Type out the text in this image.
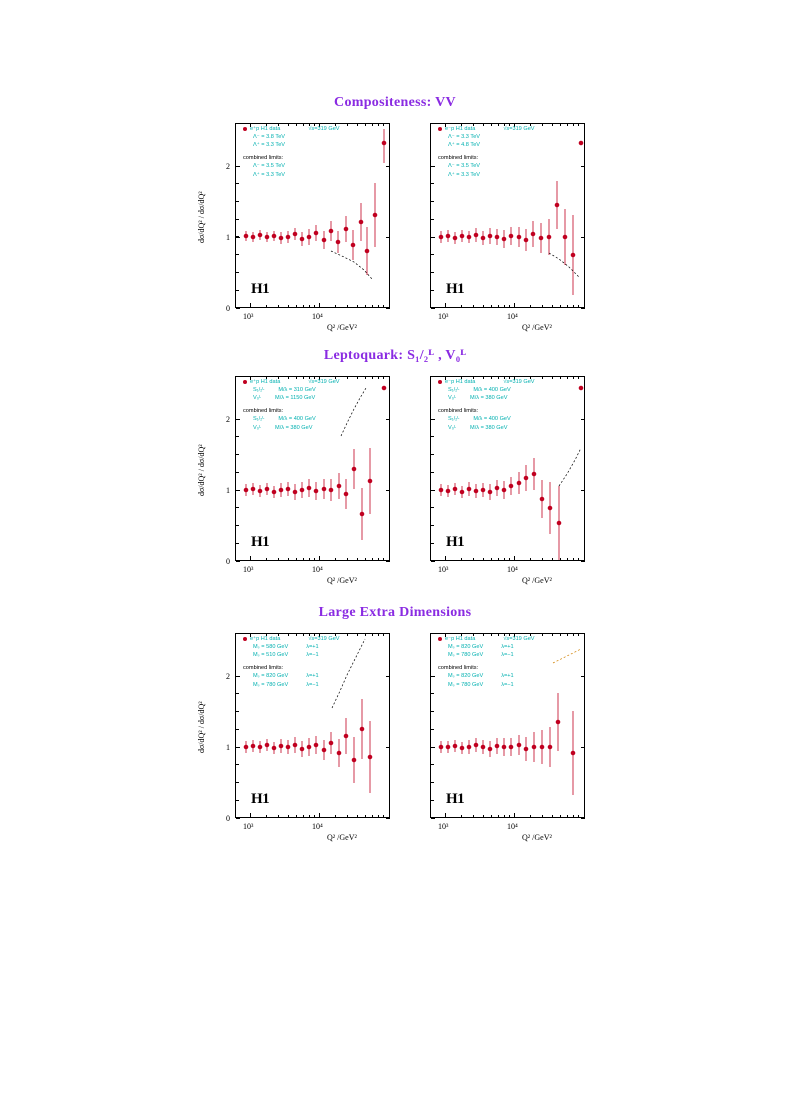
Compositeness: VV
dσ/dQ² / dσ/dQ²
0
1
2
10³	10⁴
Q² /GeV²
H1
e⁺p H1 data	√s=319 GeV
Λ⁻ = 3.8 TeV
Λ⁺ = 3.3 TeV
combined limits:
Λ⁻ = 3.5 TeV
Λ⁺ = 3.3 TeV
10³	10⁴
Q² /GeV²
H1
e⁻p H1 data	√s=319 GeV
Λ⁻ = 3.3 TeV
Λ⁺ = 4.8 TeV
combined limits:
Λ⁻ = 3.5 TeV
Λ⁺ = 3.3 TeV
Leptoquark: S₁/₂ᴸ , V₀ᴸ
dσ/dQ² / dσ/dQ²
0
1
2
10³	10⁴
Q² /GeV²
H1
e⁺p H1 data	√s=319 GeV
S₁/₂ᴸ	M/λ = 310 GeV
V₀ᴸ	M/λ = 1150 GeV
combined limits:
S₁/₂ᴸ	M/λ = 400 GeV
V₀ᴸ	M/λ = 380 GeV
10³	10⁴
Q² /GeV²
H1
e⁻p H1 data	√s=319 GeV
S₁/₂ᴸ	M/λ = 400 GeV
V₀ᴸ	M/λ = 380 GeV
combined limits:
S₁/₂ᴸ	M/λ = 400 GeV
V₀ᴸ	M/λ = 380 GeV
Large Extra Dimensions
dσ/dQ² / dσ/dQ²
0
1
2
10³	10⁴
Q² /GeV²
H1
e⁺p H1 data	√s=319 GeV
Mₛ = 580 GeV	λ=+1
Mₛ = 510 GeV	λ=−1
combined limits:
Mₛ = 820 GeV	λ=+1
Mₛ = 780 GeV	λ=−1
10³	10⁴
Q² /GeV²
H1
e⁻p H1 data	√s=319 GeV
Mₛ = 820 GeV	λ=+1
Mₛ = 780 GeV	λ=−1
combined limits:
Mₛ = 820 GeV	λ=+1
Mₛ = 780 GeV	λ=−1
